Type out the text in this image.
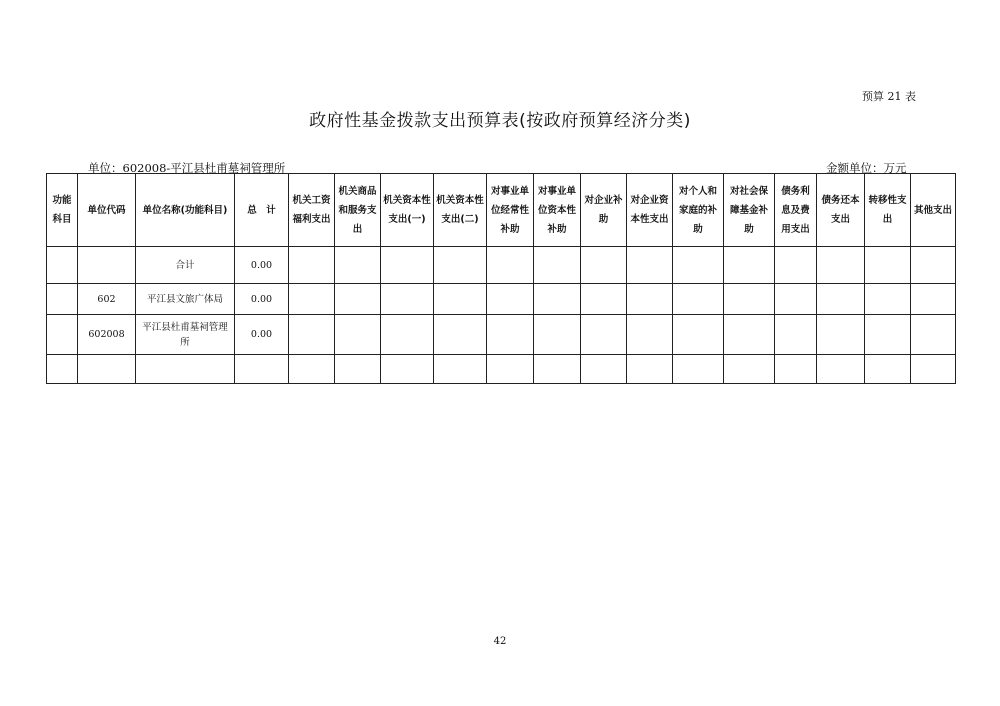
预算 21 表
政府性基金拨款支出预算表(按政府预算经济分类)
单位：602008-平江县杜甫墓祠管理所	金额单位：万元
功能科目	单位代码	单位名称(功能科目)	总　计	机关工资福利支出	机关商品和服务支出	机关资本性支出(一)	机关资本性支出(二)	对事业单位经常性补助	对事业单位资本性补助	对企业补助	对企业资本性支出	对个人和家庭的补助	对社会保障基金补助	债务利息及费用支出	债务还本支出	转移性支出	其他支出
		合计	0.00														
	602	平江县文旅广体局	0.00														
	602008	平江县杜甫墓祠管理所	0.00														

42
